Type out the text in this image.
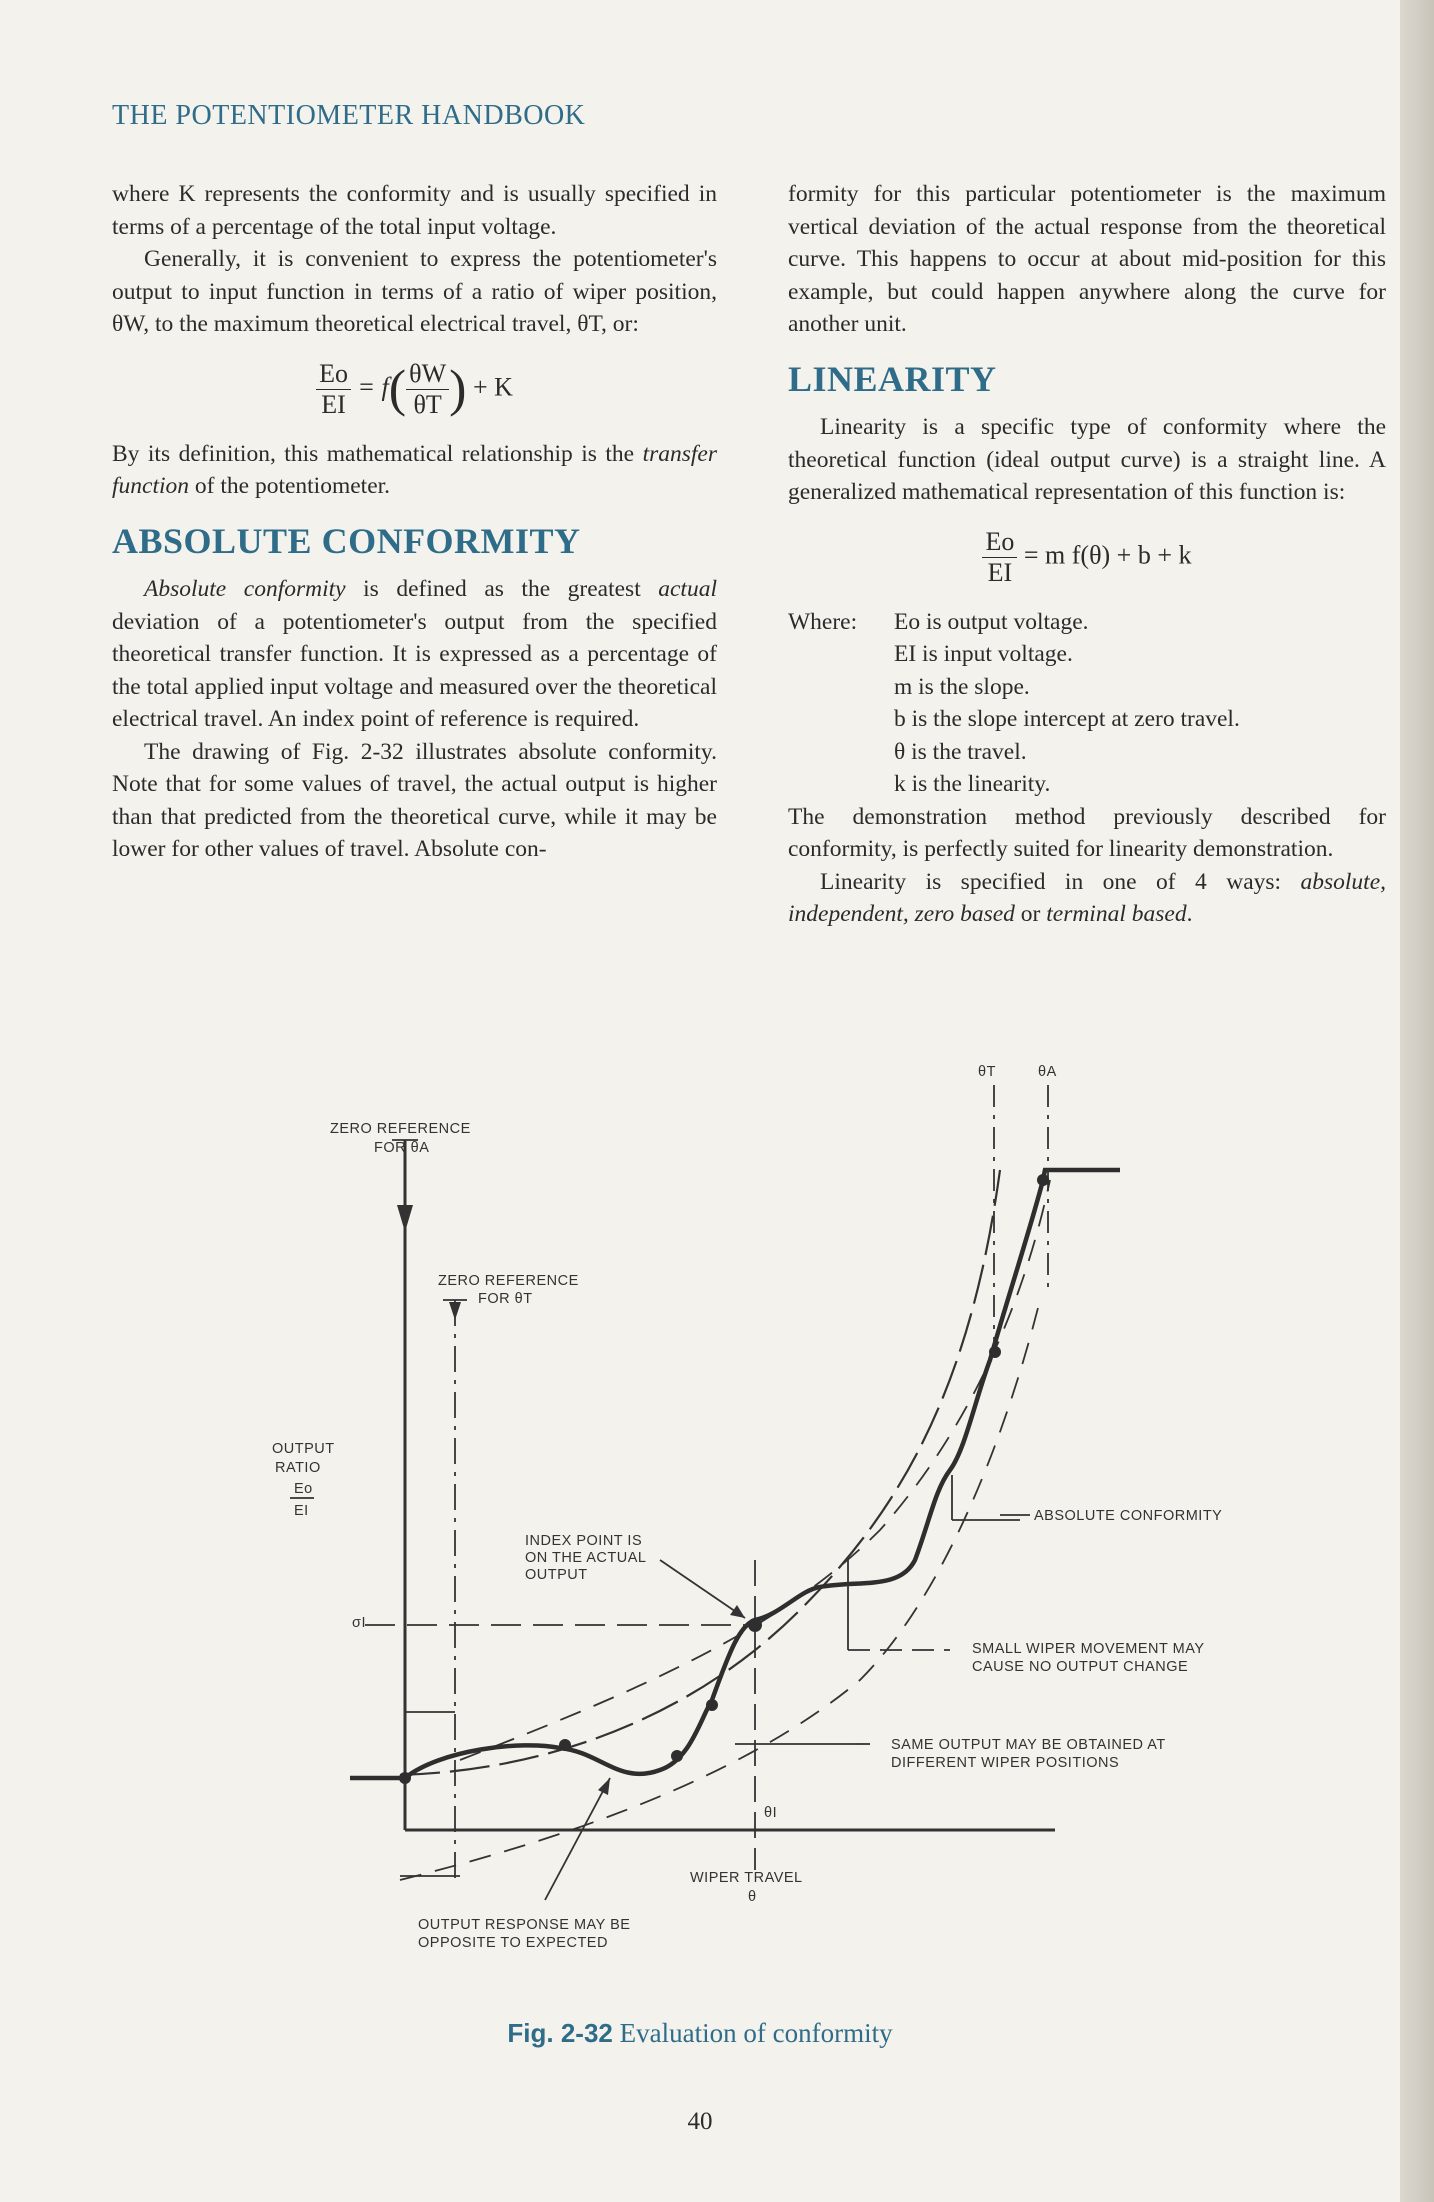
THE POTENTIOMETER HANDBOOK

where K represents the conformity and is usually specified in terms of a percentage of the total input voltage.

Generally, it is convenient to express the potentiometer's output to input function in terms of a ratio of wiper position, θW, to the maximum theoretical electrical travel, θT, or:

$\frac{Eo}{EI} = f( \frac{\theta W}{\theta T}$ ) + K

By its definition, this mathematical relationship is the transfer function of the potentiometer.

ABSOLUTE CONFORMITY

Absolute conformity is defined as the greatest actual deviation of a potentiometer's output from the specified theoretical transfer function. It is expressed as a percentage of the total applied input voltage and measured over the theoretical electrical travel. An index point of reference is required.

The drawing of Fig. 2-32 illustrates absolute conformity. Note that for some values of travel, the actual output is higher than that predicted from the theoretical curve, while it may be lower for other values of travel. Absolute con-

formity for this particular potentiometer is the maximum vertical deviation of the actual response from the theoretical curve. This happens to occur at about mid-position for this example, but could happen anywhere along the curve for another unit.

LINEARITY

Linearity is a specific type of conformity where the theoretical function (ideal output curve) is a straight line. A generalized mathematical representation of this function is:

$\frac{Eo}{EI} = m$ f(θ) + b + k
Where:	Eo is output voltage.
EI is input voltage.
m is the slope.
b is the slope intercept at zero travel.
θ is the travel.
k is the linearity.

The demonstration method previously described for conformity, is perfectly suited for linearity demonstration.

Linearity is specified in one of 4 ways: absolute, independent, zero based or terminal based.

ZERO REFERENCE
FOR θA
ZERO REFERENCE
FOR θT
OUTPUT
RATIO
Eo
EI
θT	θA
ABSOLUTE CONFORMITY
INDEX POINT IS
ON THE ACTUAL
OUTPUT
SMALL WIPER MOVEMENT MAY
CAUSE NO OUTPUT CHANGE
SAME OUTPUT MAY BE OBTAINED AT
DIFFERENT WIPER POSITIONS
σI
θI
WIPER TRAVEL
θ
OUTPUT RESPONSE MAY BE
OPPOSITE TO EXPECTED
Fig. 2-32 Evaluation of conformity
40
